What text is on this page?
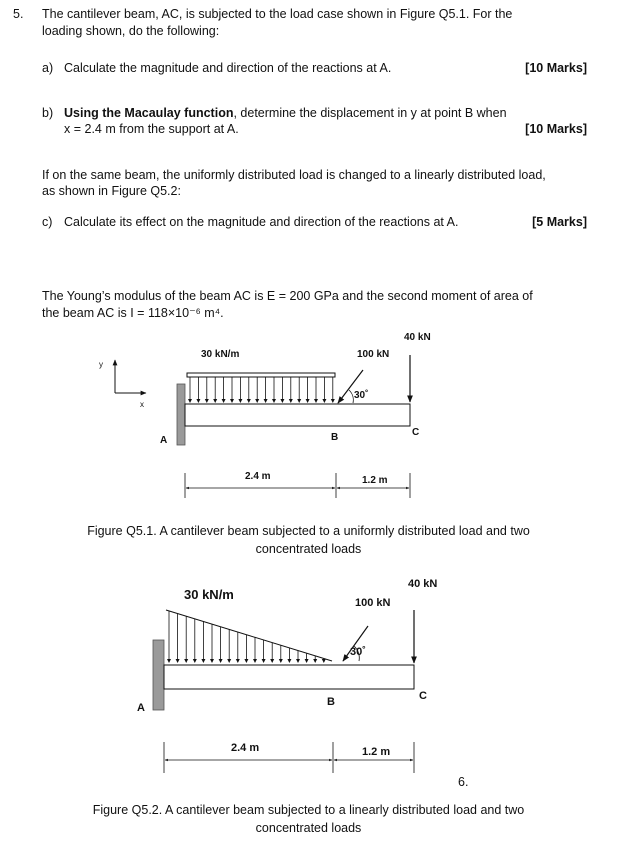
5. The cantilever beam, AC, is subjected to the load case shown in Figure Q5.1. For the
loading shown, do the following:
a) Calculate the magnitude and direction of the reactions at A.	[10 Marks]
b) Using the Macaulay function, determine the displacement in y at point B when
x = 2.4 m from the support at A.	[10 Marks]
If on the same beam, the uniformly distributed load is changed to a linearly distributed load,
as shown in Figure Q5.2:
c) Calculate its effect on the magnitude and direction of the reactions at A.	[5 Marks]
The Young’s modulus of the beam AC is E = 200 GPa and the second moment of area of
the beam AC is I = 118×10⁻⁶ m⁴.
y
x
30 kN/m	100 kN
30˚
40 kN
A	B	C
2.4 m	1.2 m
Figure Q5.1. A cantilever beam subjected to a uniformly distributed load and two
concentrated loads
30 kN/m
100 kN
30˚
40 kN
A	B	C
2.4 m	1.2 m
6.
Figure Q5.2. A cantilever beam subjected to a linearly distributed load and two
concentrated loads
